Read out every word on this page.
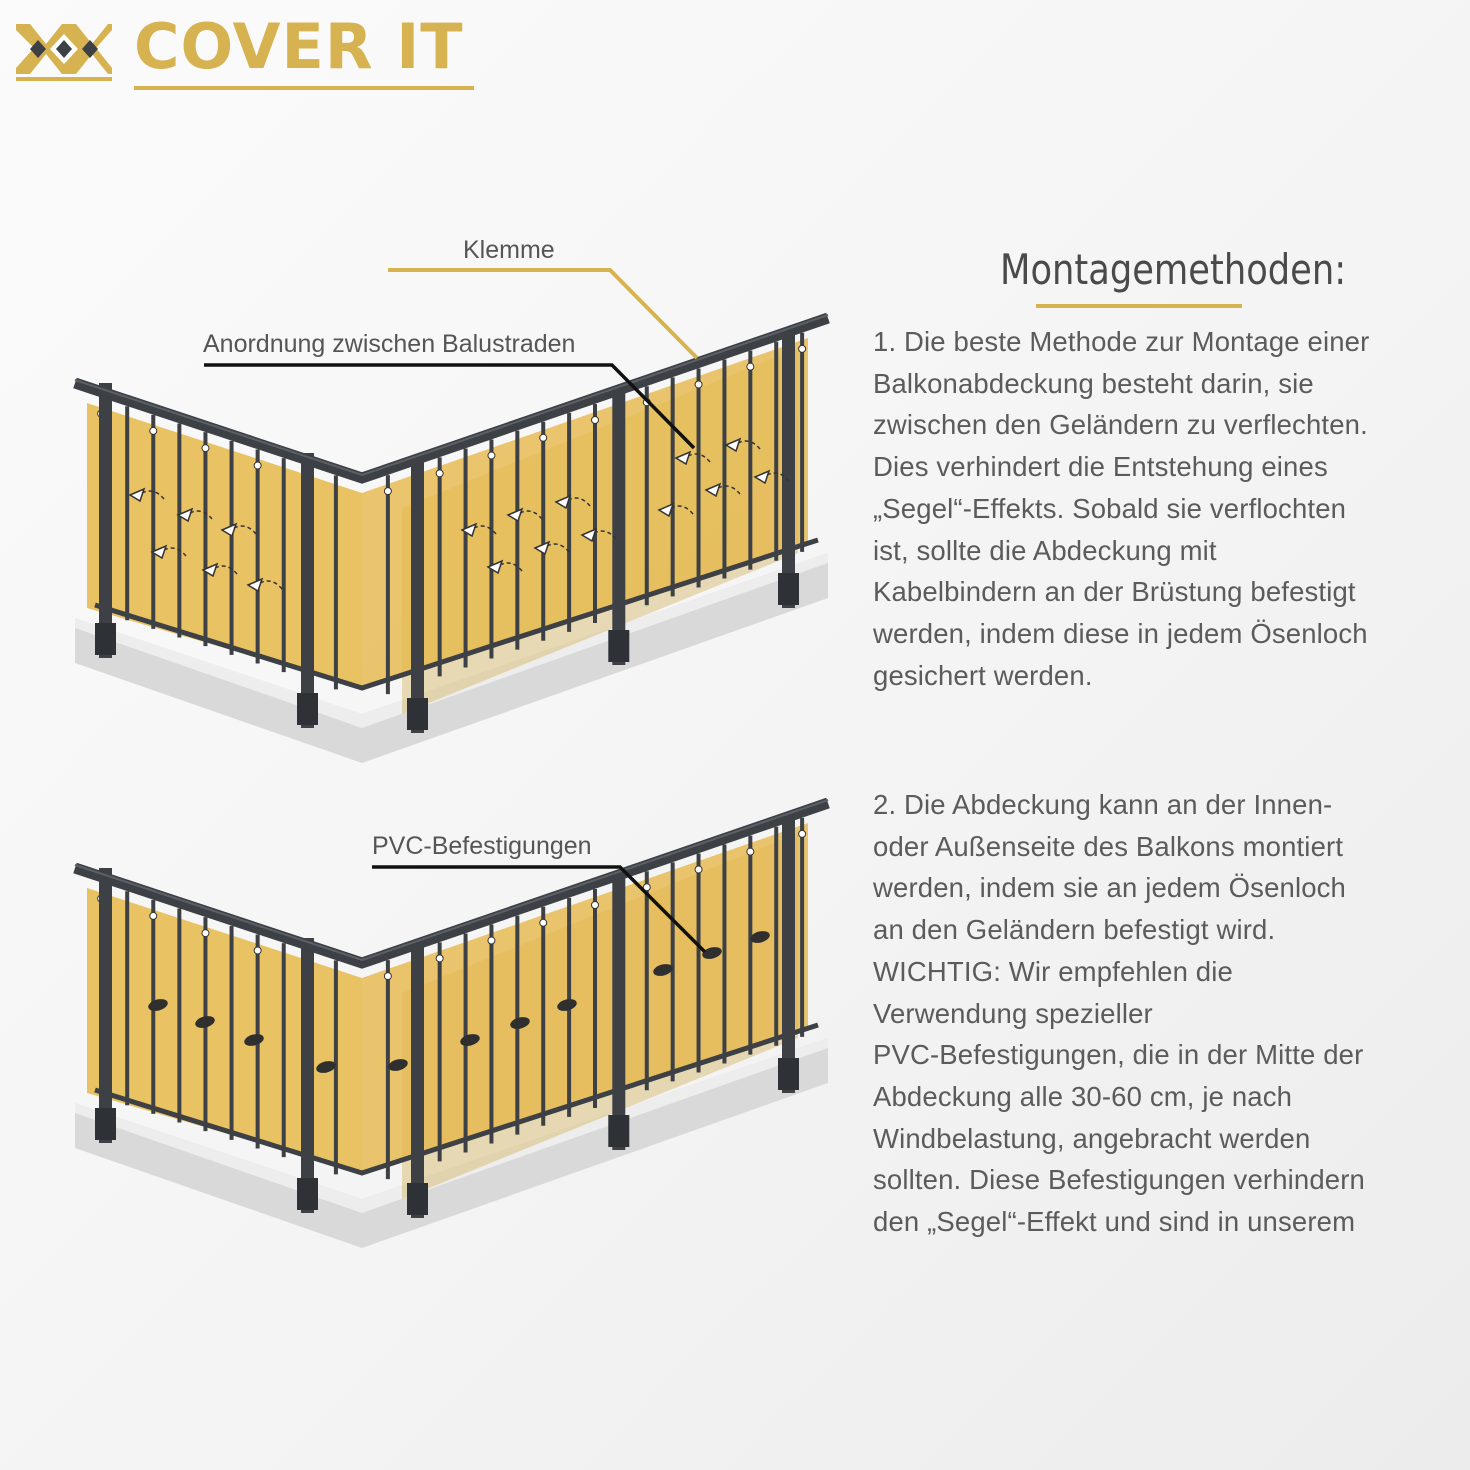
COVER IT
Klemme
Anordnung zwischen Balustraden
PVC-Befestigungen
Montagemethoden:
1. Die beste Methode zur Montage einer
Balkonabdeckung besteht darin, sie
zwischen den Geländern zu verflechten.
Dies verhindert die Entstehung eines
„Segel“-Effekts. Sobald sie verflochten
ist, sollte die Abdeckung mit
Kabelbindern an der Brüstung befestigt
werden, indem diese in jedem Ösenloch
gesichert werden.
2. Die Abdeckung kann an der Innen-
oder Außenseite des Balkons montiert
werden, indem sie an jedem Ösenloch
an den Geländern befestigt wird.
WICHTIG: Wir empfehlen die
Verwendung spezieller
PVC-Befestigungen, die in der Mitte der
Abdeckung alle 30-60 cm, je nach
Windbelastung, angebracht werden
sollten. Diese Befestigungen verhindern
den „Segel“-Effekt und sind in unserem
